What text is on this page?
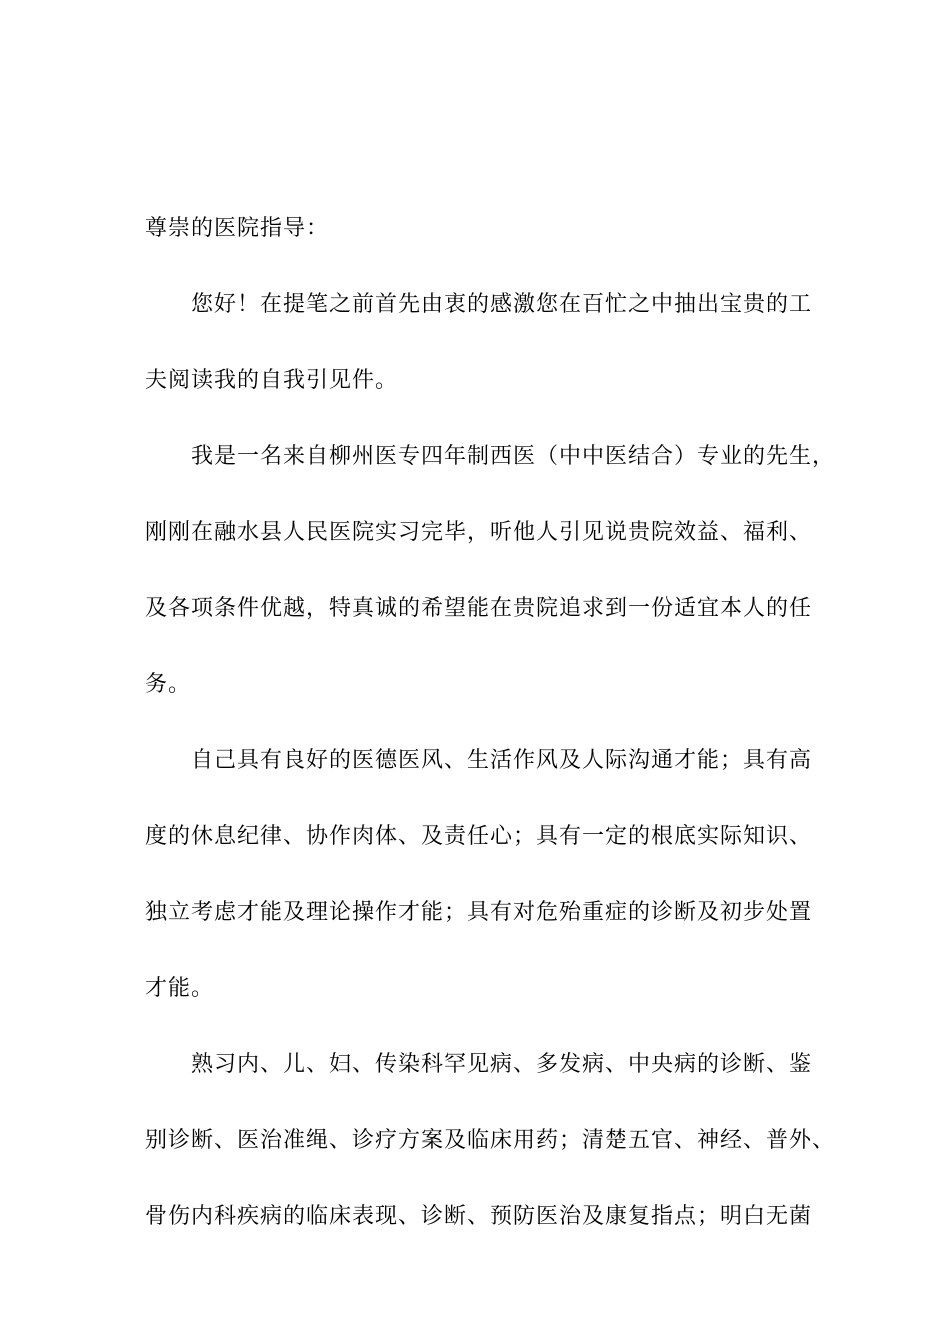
尊崇的医院指导：
您好！在提笔之前首先由衷的感激您在百忙之中抽出宝贵的工
夫阅读我的自我引见件。
我是一名来自柳州医专四年制西医（中中医结合）专业的先生，
刚刚在融水县人民医院实习完毕，听他人引见说贵院效益、福利、
及各项条件优越，特真诚的希望能在贵院追求到一份适宜本人的任
务。
自己具有良好的医德医风、生活作风及人际沟通才能；具有高
度的休息纪律、协作肉体、及责任心；具有一定的根底实际知识、
独立考虑才能及理论操作才能；具有对危殆重症的诊断及初步处置
才能。
熟习内、儿、妇、传染科罕见病、多发病、中央病的诊断、鉴
别诊断、医治准绳、诊疗方案及临床用药；清楚五官、神经、普外、
骨伤内科疾病的临床表现、诊断、预防医治及康复指点；明白无菌
